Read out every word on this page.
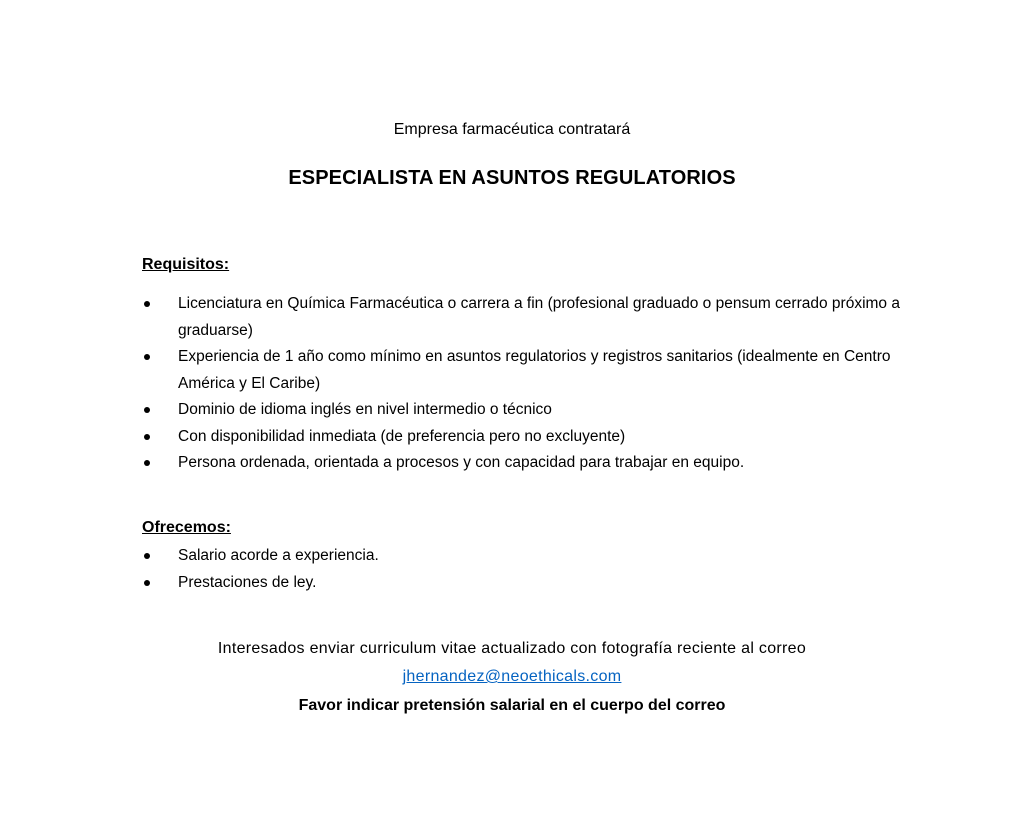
Empresa farmacéutica contratará
ESPECIALISTA EN ASUNTOS REGULATORIOS
Requisitos:
Licenciatura en Química Farmacéutica o carrera a fin (profesional graduado o pensum cerrado próximo a graduarse)
Experiencia de 1 año como mínimo en asuntos regulatorios y registros sanitarios (idealmente en Centro América y El Caribe)
Dominio de idioma inglés en nivel intermedio o técnico
Con disponibilidad inmediata (de preferencia pero no excluyente)
Persona ordenada, orientada a procesos y con capacidad para trabajar en equipo.
Ofrecemos:
Salario acorde a experiencia.
Prestaciones de ley.
Interesados enviar curriculum vitae actualizado con fotografía reciente al correo
jhernandez@neoethicals.com
Favor indicar pretensión salarial en el cuerpo del correo
